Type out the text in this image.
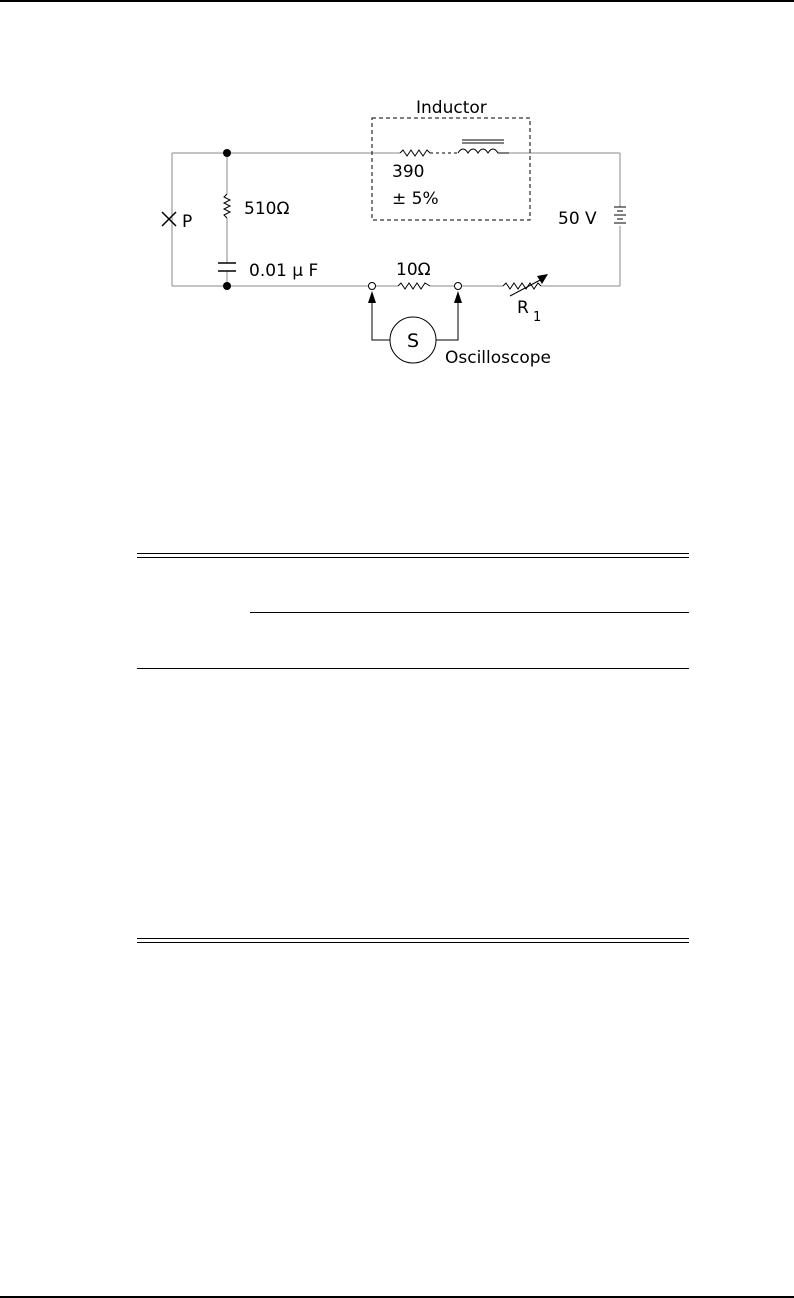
510Ω
0.01 μ F
P
Inductor
390
± 5%
50 V
10Ω
R 1
S
Oscilloscope
